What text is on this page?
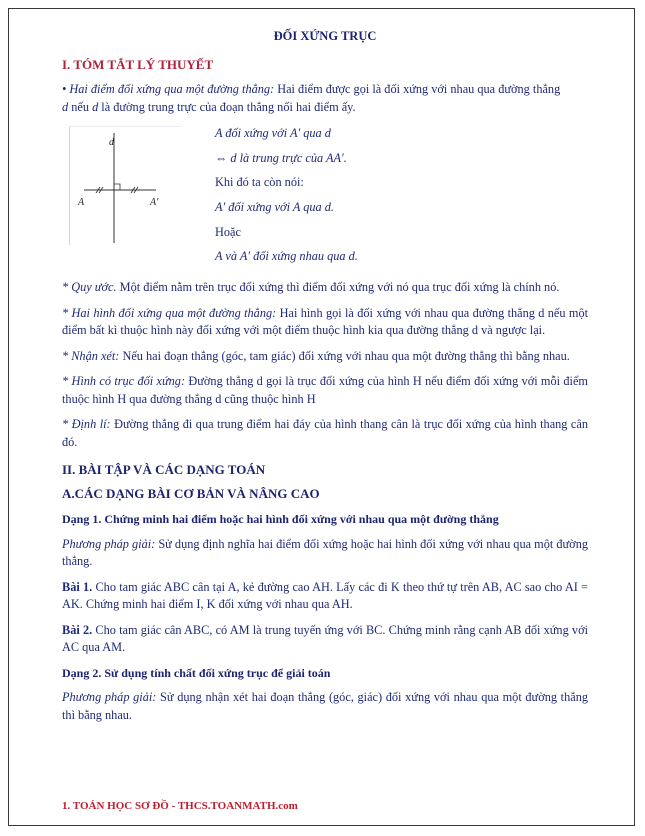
ĐỐI XỨNG TRỤC
I. TÓM TẮT LÝ THUYẾT

• Hai điểm đối xứng qua một đường thẳng: Hai điểm được gọi là đối xứng với nhau qua đường thẳng
d nếu d là đường trung trực của đoạn thẳng nối hai điểm ấy.

d
A	A′
A đối xứng với A′ qua d
⇔ d là trung trực của AA′.
Khi đó ta còn nói:
A′ đối xứng với A qua d.
Hoặc
A và A′ đối xứng nhau qua d.

* Quy ước. Một điểm nằm trên trục đối xứng thì điểm đối xứng với nó qua trục đối xứng là chính nó.

* Hai hình đối xứng qua một đường thẳng: Hai hình gọi là đối xứng với nhau qua đường thẳng d nếu một điểm bất kì thuộc hình này đối xứng với một điểm thuộc hình kia qua đường thẳng d và ngược lại.

* Nhận xét: Nếu hai đoạn thẳng (góc, tam giác) đối xứng với nhau qua một đường thẳng thì bằng nhau.

* Hình có trục đối xứng: Đường thẳng d gọi là trục đối xứng của hình H nếu điểm đối xứng với mỗi điểm thuộc hình H qua đường thẳng d cũng thuộc hình H

* Định lí: Đường thẳng đi qua trung điểm hai đáy của hình thang cân là trục đối xứng của hình thang cân đó.

II. BÀI TẬP VÀ CÁC DẠNG TOÁN
A.CÁC DẠNG BÀI CƠ BẢN VÀ NÂNG CAO
Dạng 1. Chứng minh hai điểm hoặc hai hình đối xứng với nhau qua một đường thẳng

Phương pháp giải: Sử dụng định nghĩa hai điểm đối xứng hoặc hai hình đối xứng với nhau qua một đường thẳng.

Bài 1. Cho tam giác ABC cân tại A, kẻ đường cao AH. Lấy các đi K theo thứ tự trên AB, AC sao cho AI = AK. Chứng minh hai điểm I, K đối xứng với nhau qua AH.

Bài 2. Cho tam giác cân ABC, có AM là trung tuyến ứng với BC. Chứng minh rằng cạnh AB đối xứng với AC qua AM.

Dạng 2. Sử dụng tính chất đối xứng trục để giải toán

Phương pháp giải: Sử dụng nhận xét hai đoạn thẳng (góc, giác) đối xứng với nhau qua một đường thẳng thì bằng nhau.

1. TOÁN HỌC SƠ ĐỒ - THCS.TOANMATH.com
